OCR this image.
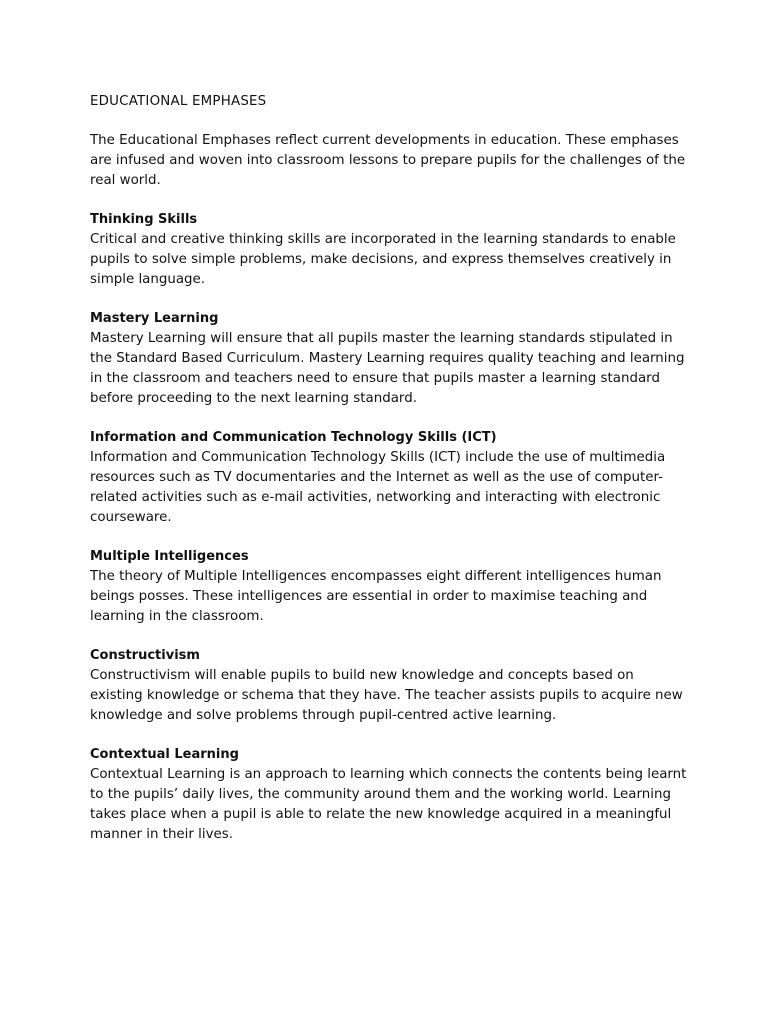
EDUCATIONAL EMPHASES

The Educational Emphases reflect current developments in education. These emphases are infused and woven into classroom lessons to prepare pupils for the challenges of the real world.

Thinking Skills

Critical and creative thinking skills are incorporated in the learning standards to enable pupils to solve simple problems, make decisions, and express themselves creatively in simple language.

Mastery Learning

Mastery Learning will ensure that all pupils master the learning standards stipulated in the Standard Based Curriculum. Mastery Learning requires quality teaching and learning in the classroom and teachers need to ensure that pupils master a learning standard before proceeding to the next learning standard.

Information and Communication Technology Skills (ICT)

Information and Communication Technology Skills (ICT) include the use of multimedia resources such as TV documentaries and the Internet as well as the use of computer-related activities such as e-mail activities, networking and interacting with electronic courseware.

Multiple Intelligences

The theory of Multiple Intelligences encompasses eight different intelligences human beings posses. These intelligences are essential in order to maximise teaching and learning in the classroom.

Constructivism

Constructivism will enable pupils to build new knowledge and concepts based on existing knowledge or schema that they have. The teacher assists pupils to acquire new knowledge and solve problems through pupil-centred active learning.

Contextual Learning

Contextual Learning is an approach to learning which connects the contents being learnt to the pupils’ daily lives, the community around them and the working world. Learning takes place when a pupil is able to relate the new knowledge acquired in a meaningful manner in their lives.
